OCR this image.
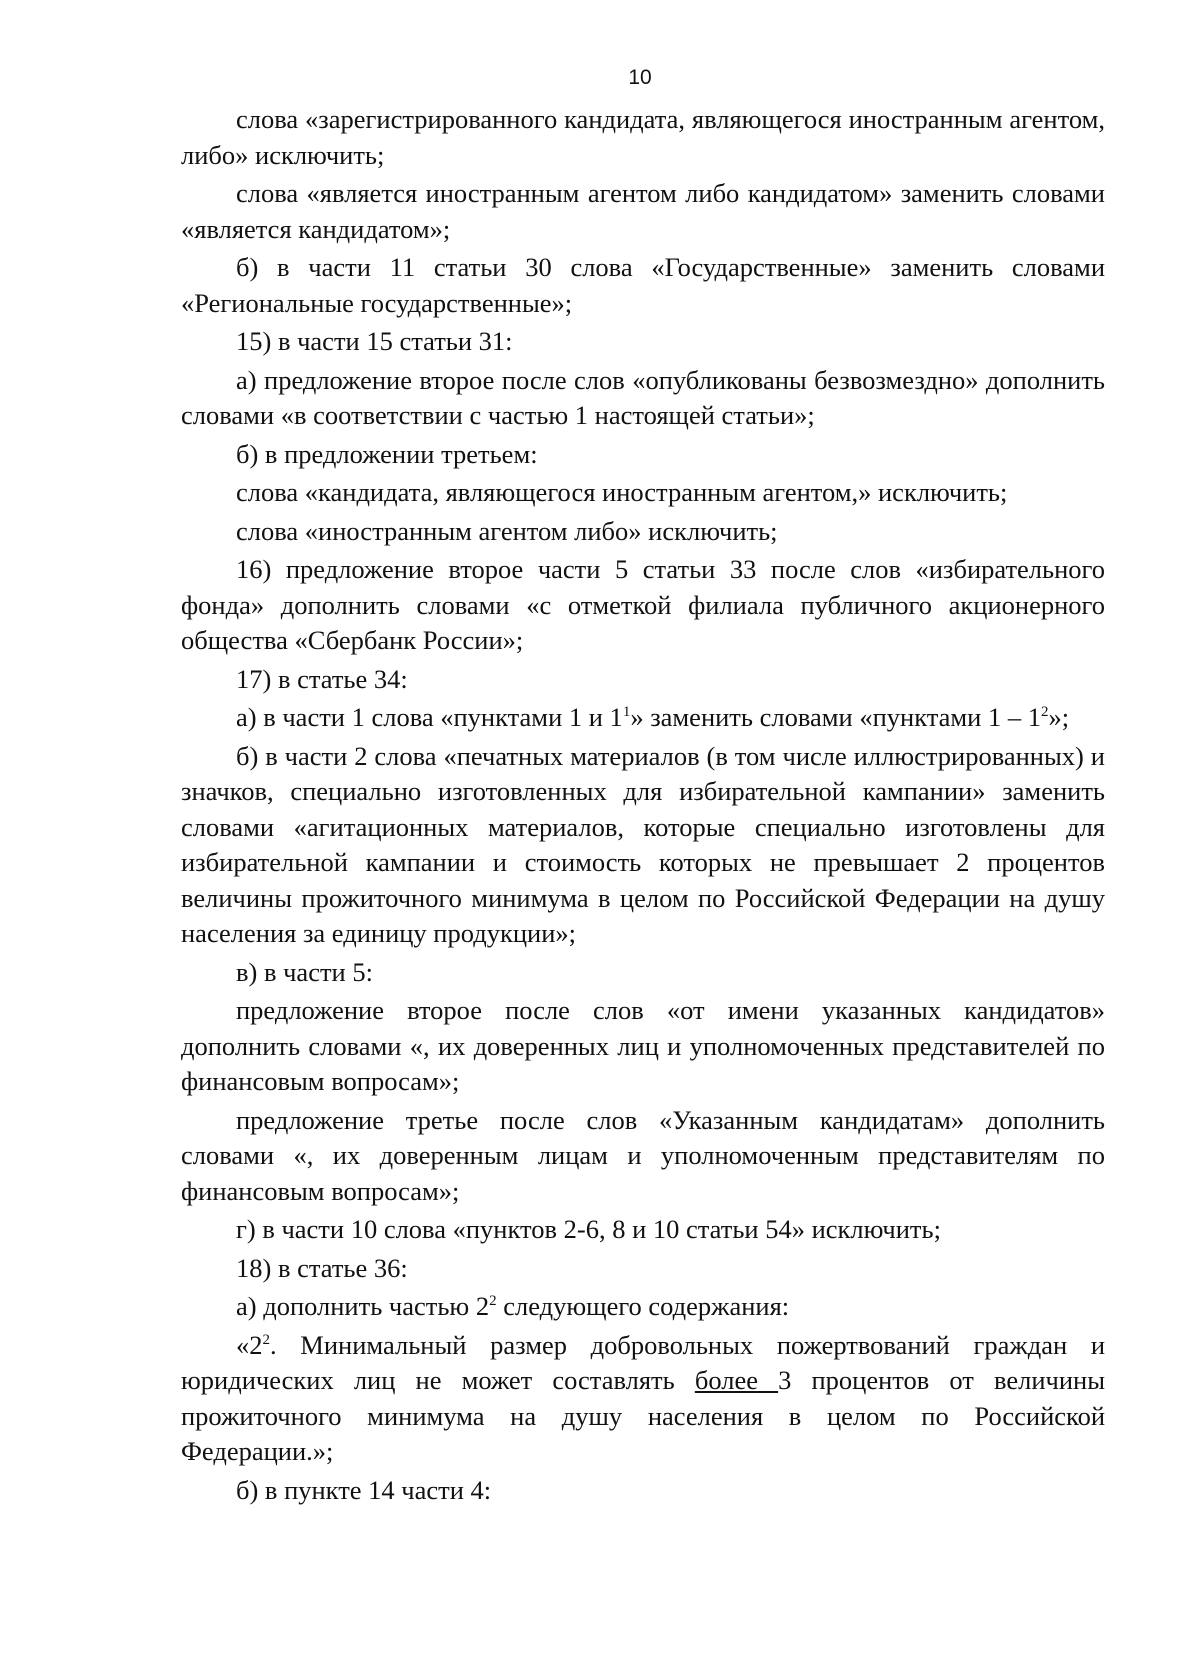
10

слова «зарегистрированного кандидата, являющегося иностранным агентом, либо» исключить;

слова «является иностранным агентом либо кандидатом» заменить словами «является кандидатом»;

б) в части 11 статьи 30 слова «Государственные» заменить словами «Региональные государственные»;

15) в части 15 статьи 31:

а) предложение второе после слов «опубликованы безвозмездно» дополнить словами «в соответствии с частью 1 настоящей статьи»;

б) в предложении третьем:

слова «кандидата, являющегося иностранным агентом,» исключить;

слова «иностранным агентом либо» исключить;

16) предложение второе части 5 статьи 33 после слов «избирательного фонда» дополнить словами «с отметкой филиала публичного акционерного общества «Сбербанк России»;

17) в статье 34:

а) в части 1 слова «пунктами 1 и $1^1$» заменить словами «пунктами $1 - 1^2$»;

б) в части 2 слова «печатных материалов (в том числе иллюстрированных) и значков, специально изготовленных для избирательной кампании» заменить словами «агитационных материалов, которые специально изготовлены для избирательной кампании и стоимость которых не превышает 2 процентов величины прожиточного минимума в целом по Российской Федерации на душу населения за единицу продукции»;

в) в части 5:

предложение второе после слов «от имени указанных кандидатов» дополнить словами «, их доверенных лиц и уполномоченных представителей по финансовым вопросам»;

предложение третье после слов «Указанным кандидатам» дополнить словами «, их доверенным лицам и уполномоченным представителям по финансовым вопросам»;

г) в части 10 слова «пунктов 2-6, 8 и 10 статьи 54» исключить;

18) в статье 36:

а) дополнить частью $2^2$ следующего содержания:

«$2^2$. Минимальный размер добровольных пожертвований граждан и юридических лиц не может составлять более 3 процентов от величины прожиточного минимума на душу населения в целом по Российской Федерации.»;

б) в пункте 14 части 4:
